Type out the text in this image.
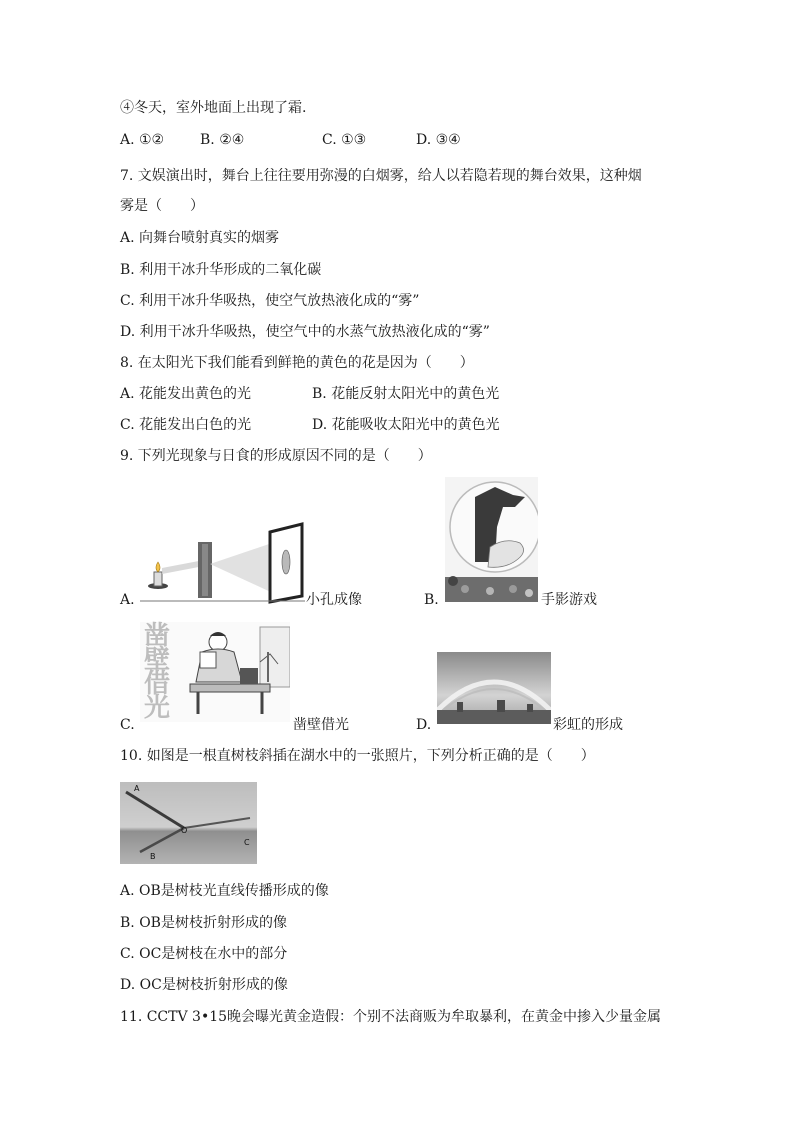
④冬天，室外地面上出现了霜.
A. ①②	B. ②④	C. ①③	D. ③④
7. 文娱演出时，舞台上往往要用弥漫的白烟雾，给人以若隐若现的舞台效果，这种烟
雾是（　　）
A. 向舞台喷射真实的烟雾
B. 利用干冰升华形成的二氧化碳
C. 利用干冰升华吸热，使空气放热液化成的“雾”
D. 利用干冰升华吸热，使空气中的水蒸气放热液化成的“雾”
8. 在太阳光下我们能看到鲜艳的黄色的花是因为（　　）
A. 花能发出黄色的光	B. 花能反射太阳光中的黄色光
C. 花能发出白色的光	D. 花能吸收太阳光中的黄色光
9. 下列光现象与日食的形成原因不同的是（　　）
A.	小孔成像	B.	手影游戏
凿
壁
借
光
C.	凿壁借光	D.	彩虹的形成
10. 如图是一根直树枝斜插在湖水中的一张照片，下列分析正确的是（　　）
A
O
B
C
A. OB是树枝光直线传播形成的像
B. OB是树枝折射形成的像
C. OC是树枝在水中的部分
D. OC是树枝折射形成的像
11. CCTV 3•15晚会曝光黄金造假：个别不法商贩为牟取暴利，在黄金中掺入少量金属
